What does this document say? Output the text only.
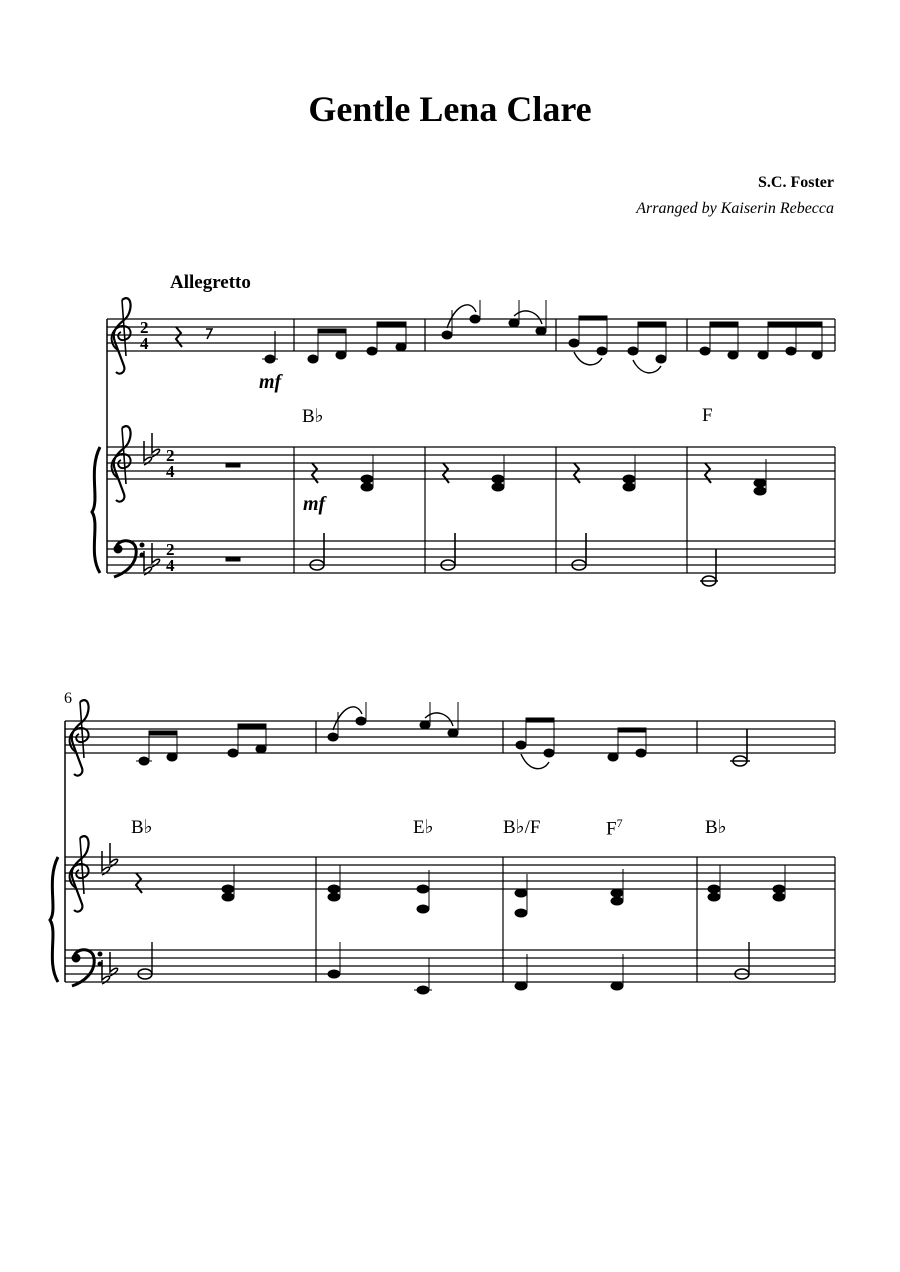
Gentle Lena Clare
S.C. Foster
Arranged by Kaiserin Rebecca
Allegretto
mf
mf
B♭	F
6
B♭	E♭	B♭/F	$F^7$	B♭
2
4
2
4
2
4
